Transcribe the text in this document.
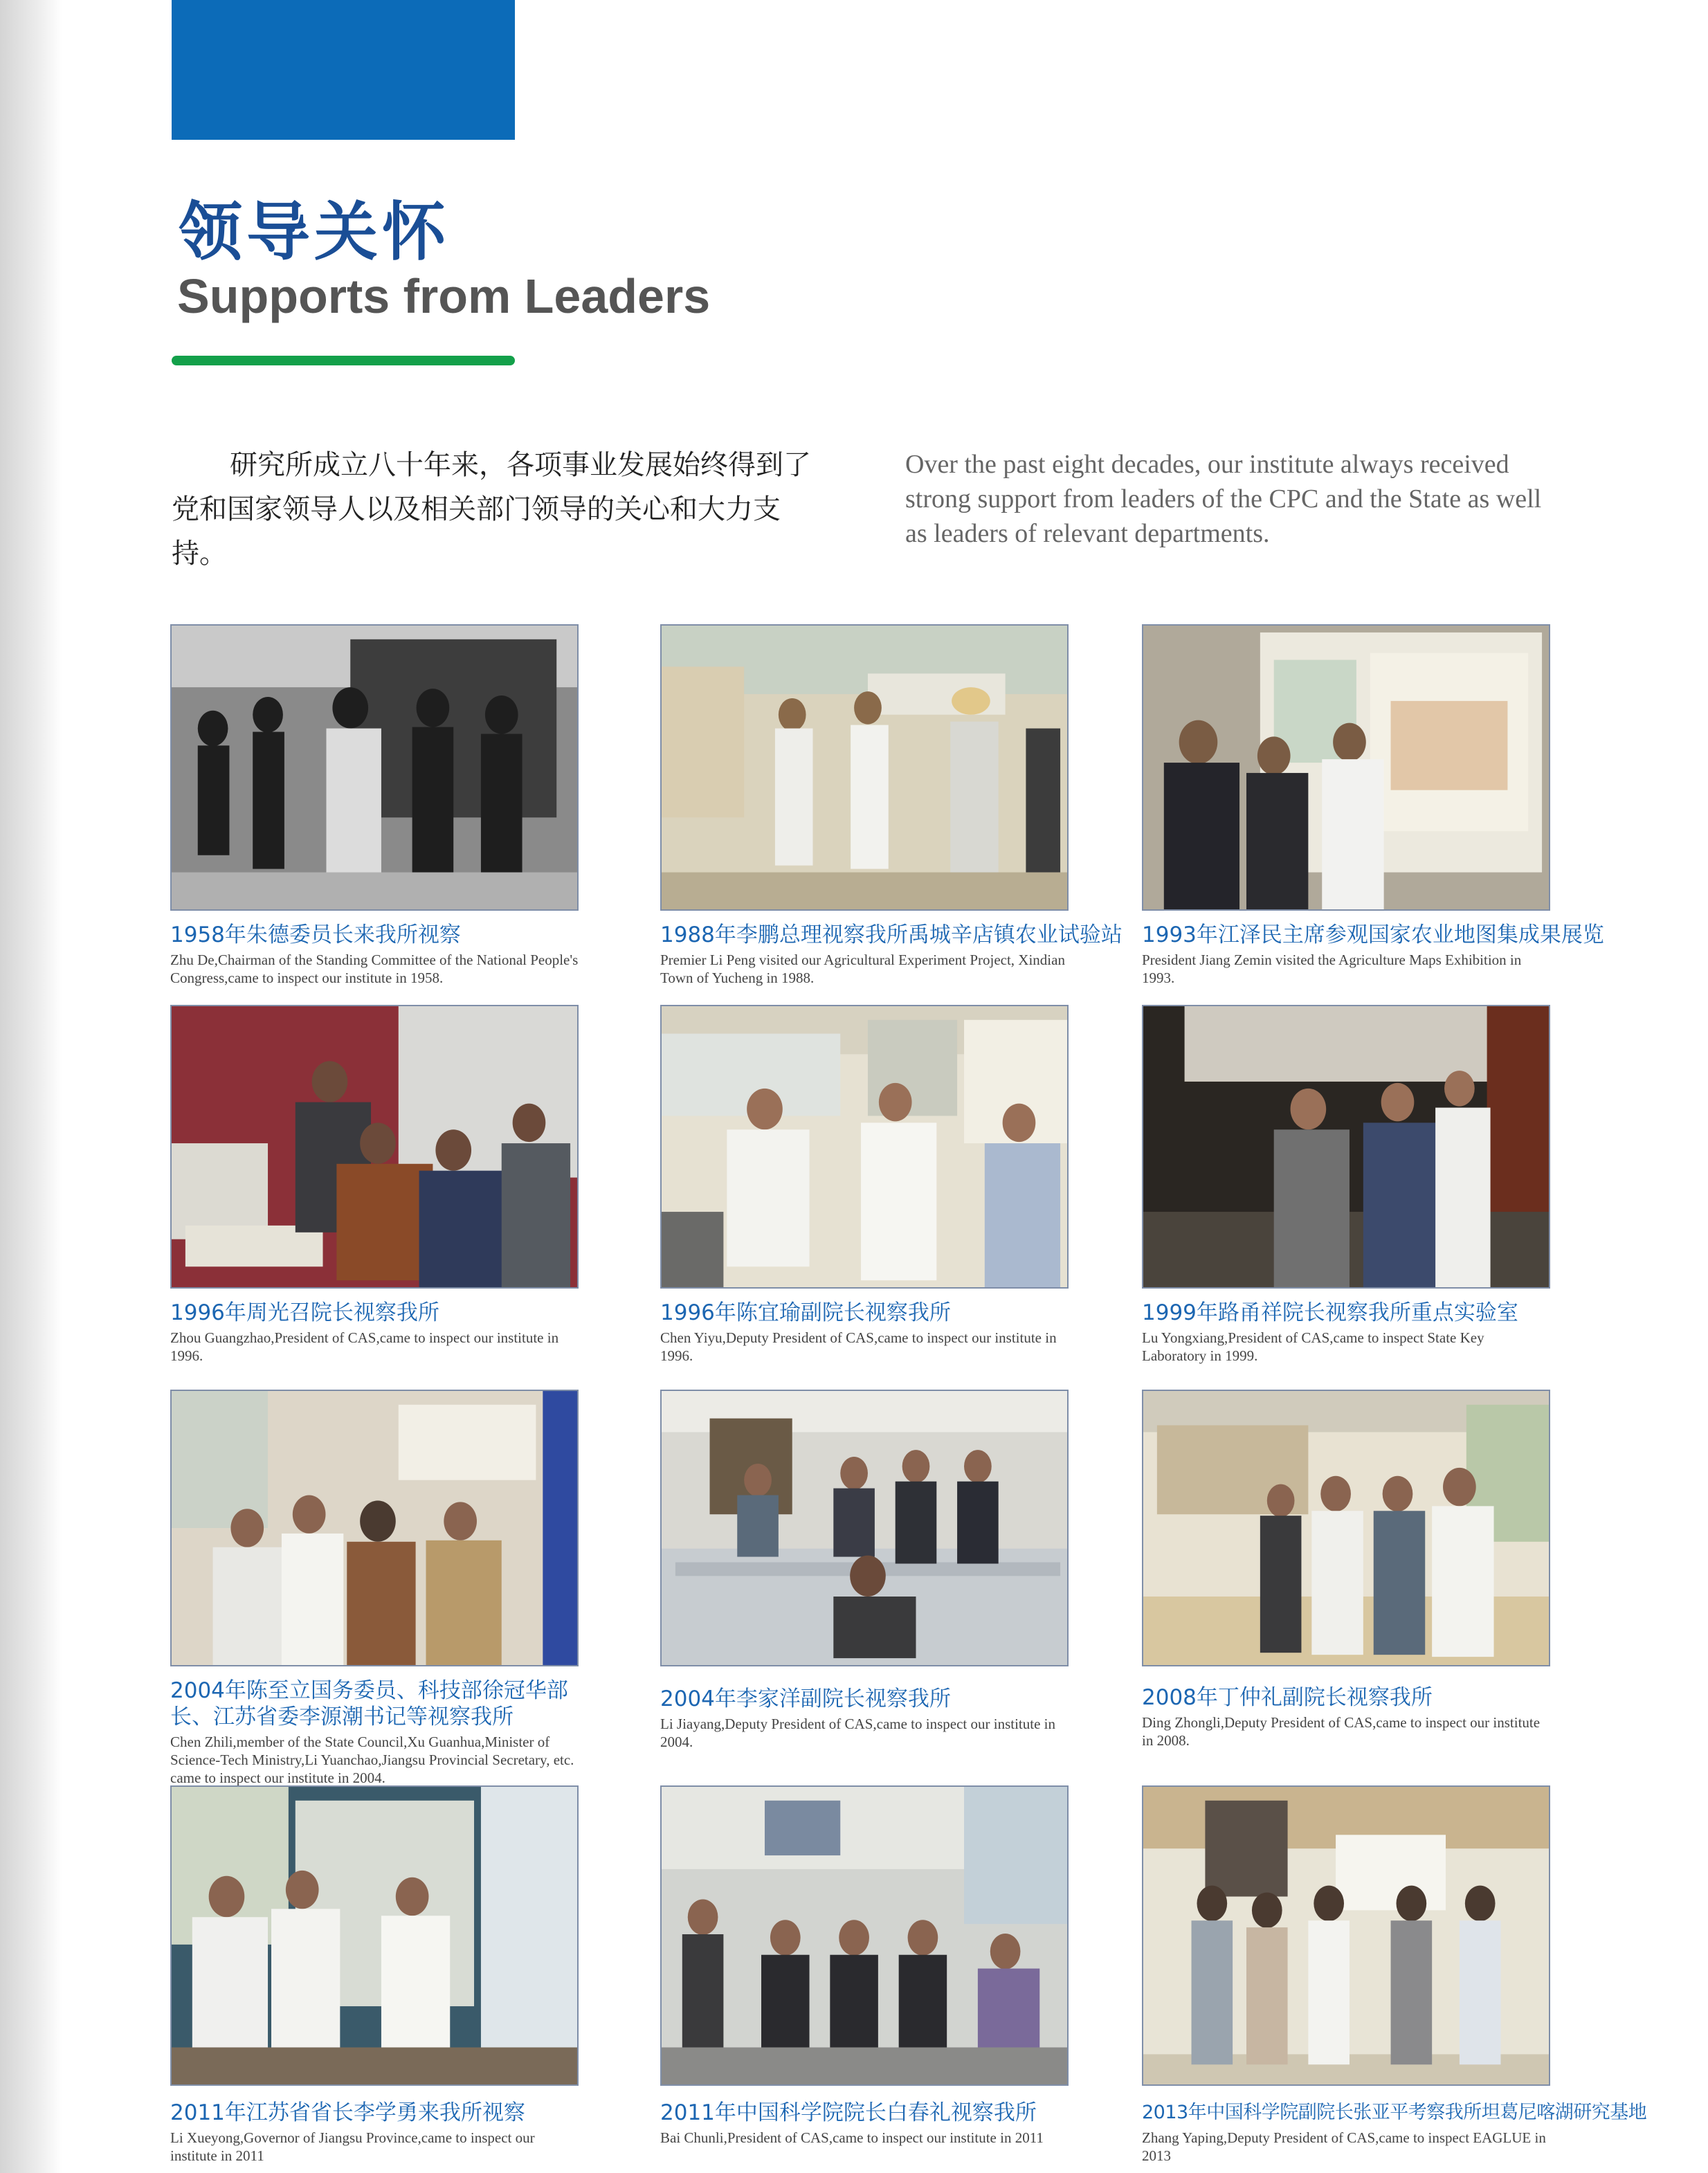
领导关怀
Supports from Leaders
研究所成立八十年来，各项事业发展始终得到了党和国家领导人以及相关部门领导的关心和大力支持。
Over the past eight decades, our institute always received strong support from leaders of the CPC and the State as well as leaders of relevant departments.
1958年朱德委员长来我所视察
Zhu De,Chairman of the Standing Committee of the National People's Congress,came to inspect our institute in 1958.
1988年李鹏总理视察我所禹城辛店镇农业试验站
Premier Li Peng visited our Agricultural Experiment Project, Xindian Town of Yucheng in 1988.
1993年江泽民主席参观国家农业地图集成果展览
President Jiang Zemin visited the Agriculture Maps Exhibition in 1993.
1996年周光召院长视察我所
Zhou Guangzhao,President of CAS,came to inspect our institute in 1996.
1996年陈宜瑜副院长视察我所
Chen Yiyu,Deputy President of CAS,came to inspect our institute in 1996.
1999年路甬祥院长视察我所重点实验室
Lu Yongxiang,President of CAS,came to inspect State Key Laboratory in 1999.
2004年陈至立国务委员、科技部徐冠华部长、江苏省委李源潮书记等视察我所
Chen Zhili,member of the State Council,Xu Guanhua,Minister of Science-Tech Ministry,Li Yuanchao,Jiangsu Provincial Secretary, etc. came to inspect our institute in 2004.
2004年李家洋副院长视察我所
Li Jiayang,Deputy President of CAS,came to inspect our institute in 2004.
2008年丁仲礼副院长视察我所
Ding Zhongli,Deputy President of CAS,came to inspect our institute in 2008.
2011年江苏省省长李学勇来我所视察
Li Xueyong,Governor of Jiangsu Province,came to inspect our institute in 2011
2011年中国科学院院长白春礼视察我所
Bai Chunli,President of CAS,came to inspect our institute in 2011
2013年中国科学院副院长张亚平考察我所坦葛尼喀湖研究基地
Zhang Yaping,Deputy President of CAS,came to inspect EAGLUE in 2013
